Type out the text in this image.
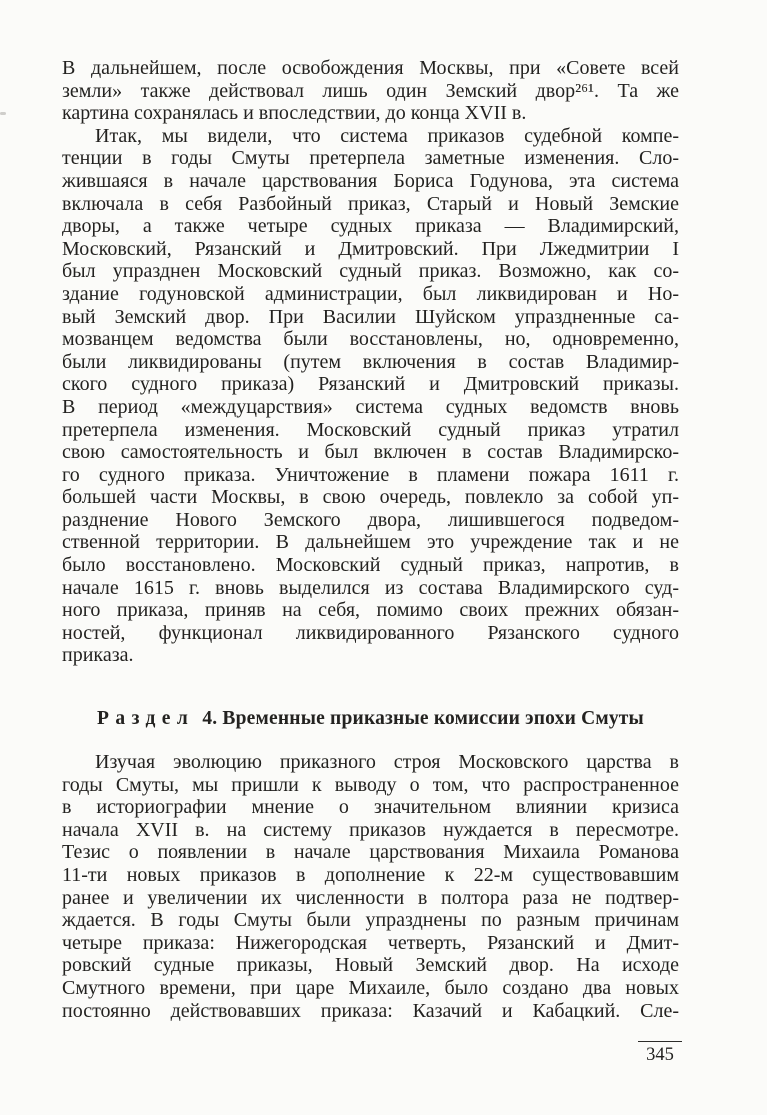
В дальнейшем, после освобождения Москвы, при «Совете всей
земли» также действовал лишь один Земский двор²⁶¹. Та же
картина сохранялась и впоследствии, до конца XVII в.

Итак, мы видели, что система приказов судебной компе-
тенции в годы Смуты претерпела заметные изменения. Сло-
жившаяся в начале царствования Бориса Годунова, эта система
включала в себя Разбойный приказ, Старый и Новый Земские
дворы, а также четыре судных приказа — Владимирский,
Московский, Рязанский и Дмитровский. При Лжедмитрии I
был упразднен Московский судный приказ. Возможно, как со-
здание годуновской администрации, был ликвидирован и Но-
вый Земский двор. При Василии Шуйском упраздненные са-
мозванцем ведомства были восстановлены, но, одновременно,
были ликвидированы (путем включения в состав Владимир-
ского судного приказа) Рязанский и Дмитровский приказы.
В период «междуцарствия» система судных ведомств вновь
претерпела изменения. Московский судный приказ утратил
свою самостоятельность и был включен в состав Владимирско-
го судного приказа. Уничтожение в пламени пожара 1611 г.
большей части Москвы, в свою очередь, повлекло за собой уп-
разднение Нового Земского двора, лишившегося подведом-
ственной территории. В дальнейшем это учреждение так и не
было восстановлено. Московский судный приказ, напротив, в
начале 1615 г. вновь выделился из состава Владимирского суд-
ного приказа, приняв на себя, помимо своих прежних обязан-
ностей, функционал ликвидированного Рязанского судного
приказа.

Раздел 4. Временные приказные комиссии эпохи Смуты

Изучая эволюцию приказного строя Московского царства в
годы Смуты, мы пришли к выводу о том, что распространенное
в историографии мнение о значительном влиянии кризиса
начала XVII в. на систему приказов нуждается в пересмотре.
Тезис о появлении в начале царствования Михаила Романова
11-ти новых приказов в дополнение к 22-м существовавшим
ранее и увеличении их численности в полтора раза не подтвер-
ждается. В годы Смуты были упразднены по разным причинам
четыре приказа: Нижегородская четверть, Рязанский и Дмит-
ровский судные приказы, Новый Земский двор. На исходе
Смутного времени, при царе Михаиле, было создано два новых
постоянно действовавших приказа: Казачий и Кабацкий. Сле-

345
